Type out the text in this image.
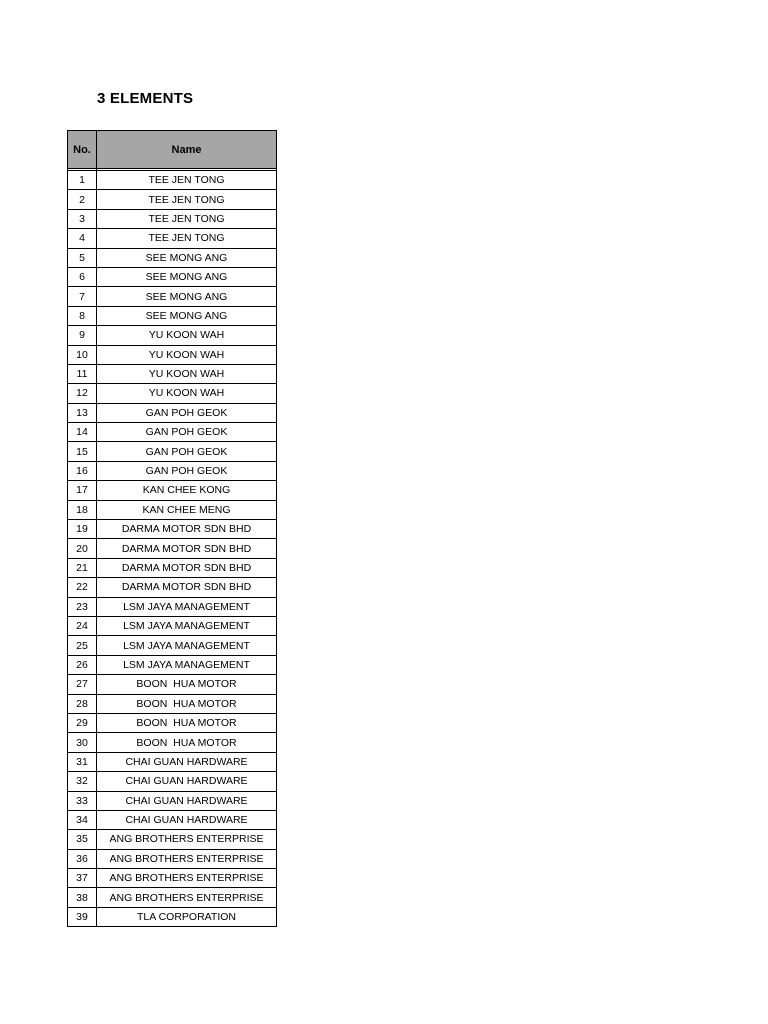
3 ELEMENTS
No.	Name

1	TEE JEN TONG
2	TEE JEN TONG
3	TEE JEN TONG
4	TEE JEN TONG
5	SEE MONG ANG
6	SEE MONG ANG
7	SEE MONG ANG
8	SEE MONG ANG
9	YU KOON WAH
10	YU KOON WAH
11	YU KOON WAH
12	YU KOON WAH
13	GAN POH GEOK
14	GAN POH GEOK
15	GAN POH GEOK
16	GAN POH GEOK
17	KAN CHEE KONG
18	KAN CHEE MENG
19	DARMA MOTOR SDN BHD
20	DARMA MOTOR SDN BHD
21	DARMA MOTOR SDN BHD
22	DARMA MOTOR SDN BHD
23	LSM JAYA MANAGEMENT
24	LSM JAYA MANAGEMENT
25	LSM JAYA MANAGEMENT
26	LSM JAYA MANAGEMENT
27	BOON  HUA MOTOR
28	BOON  HUA MOTOR
29	BOON  HUA MOTOR
30	BOON  HUA MOTOR
31	CHAI GUAN HARDWARE
32	CHAI GUAN HARDWARE
33	CHAI GUAN HARDWARE
34	CHAI GUAN HARDWARE
35	ANG BROTHERS ENTERPRISE
36	ANG BROTHERS ENTERPRISE
37	ANG BROTHERS ENTERPRISE
38	ANG BROTHERS ENTERPRISE
39	TLA CORPORATION
